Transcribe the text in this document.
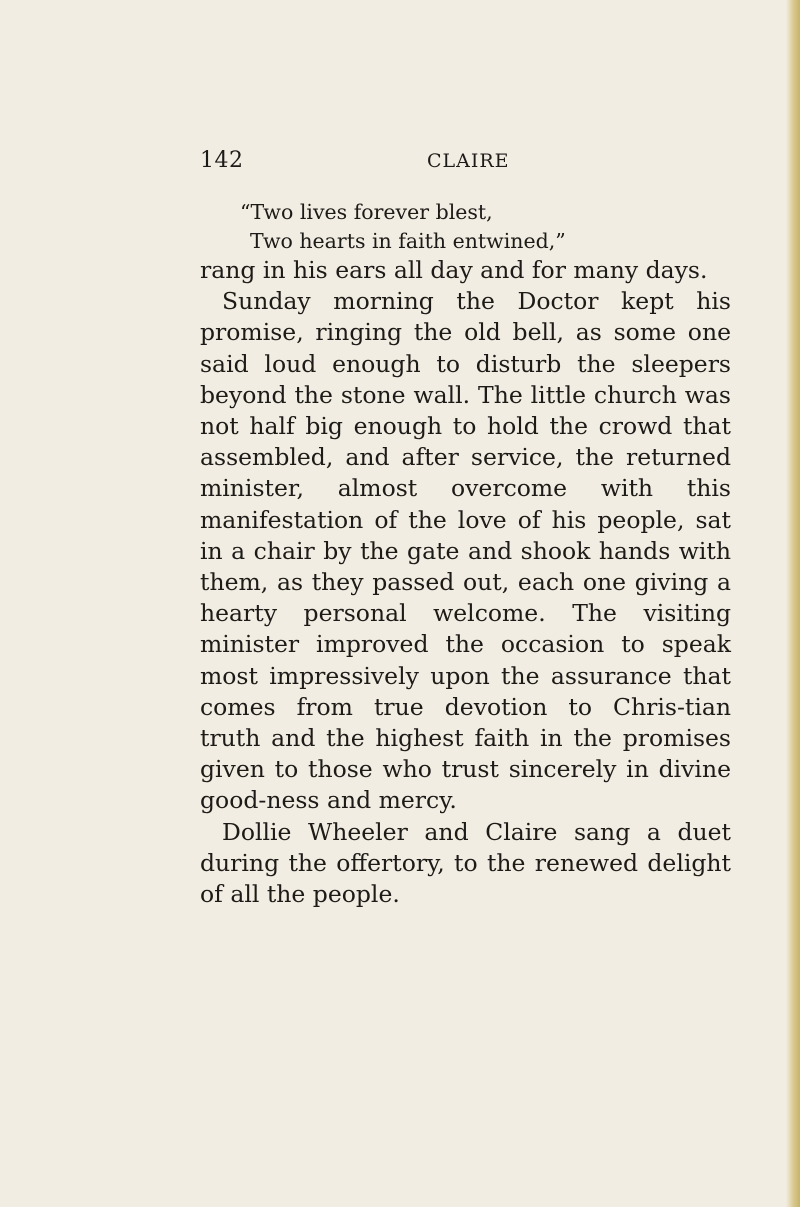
142	CLAIRE
“Two lives forever blest,
Two hearts in faith entwined,”

rang in his ears all day and for many days.

Sunday morning the Doctor kept his promise, ringing the old bell, as some one said loud enough to disturb the sleepers beyond the stone wall. The little church was not half big enough to hold the crowd that assembled, and after service, the returned minister, almost overcome with this manifestation of the love of his people, sat in a chair by the gate and shook hands with them, as they passed out, each one giving a hearty personal welcome. The visiting minister improved the occasion to speak most impressively upon the assurance that comes from true devotion to Chris-tian truth and the highest faith in the promises given to those who trust sincerely in divine good-ness and mercy.

Dollie Wheeler and Claire sang a duet during the offertory, to the renewed delight of all the people.
